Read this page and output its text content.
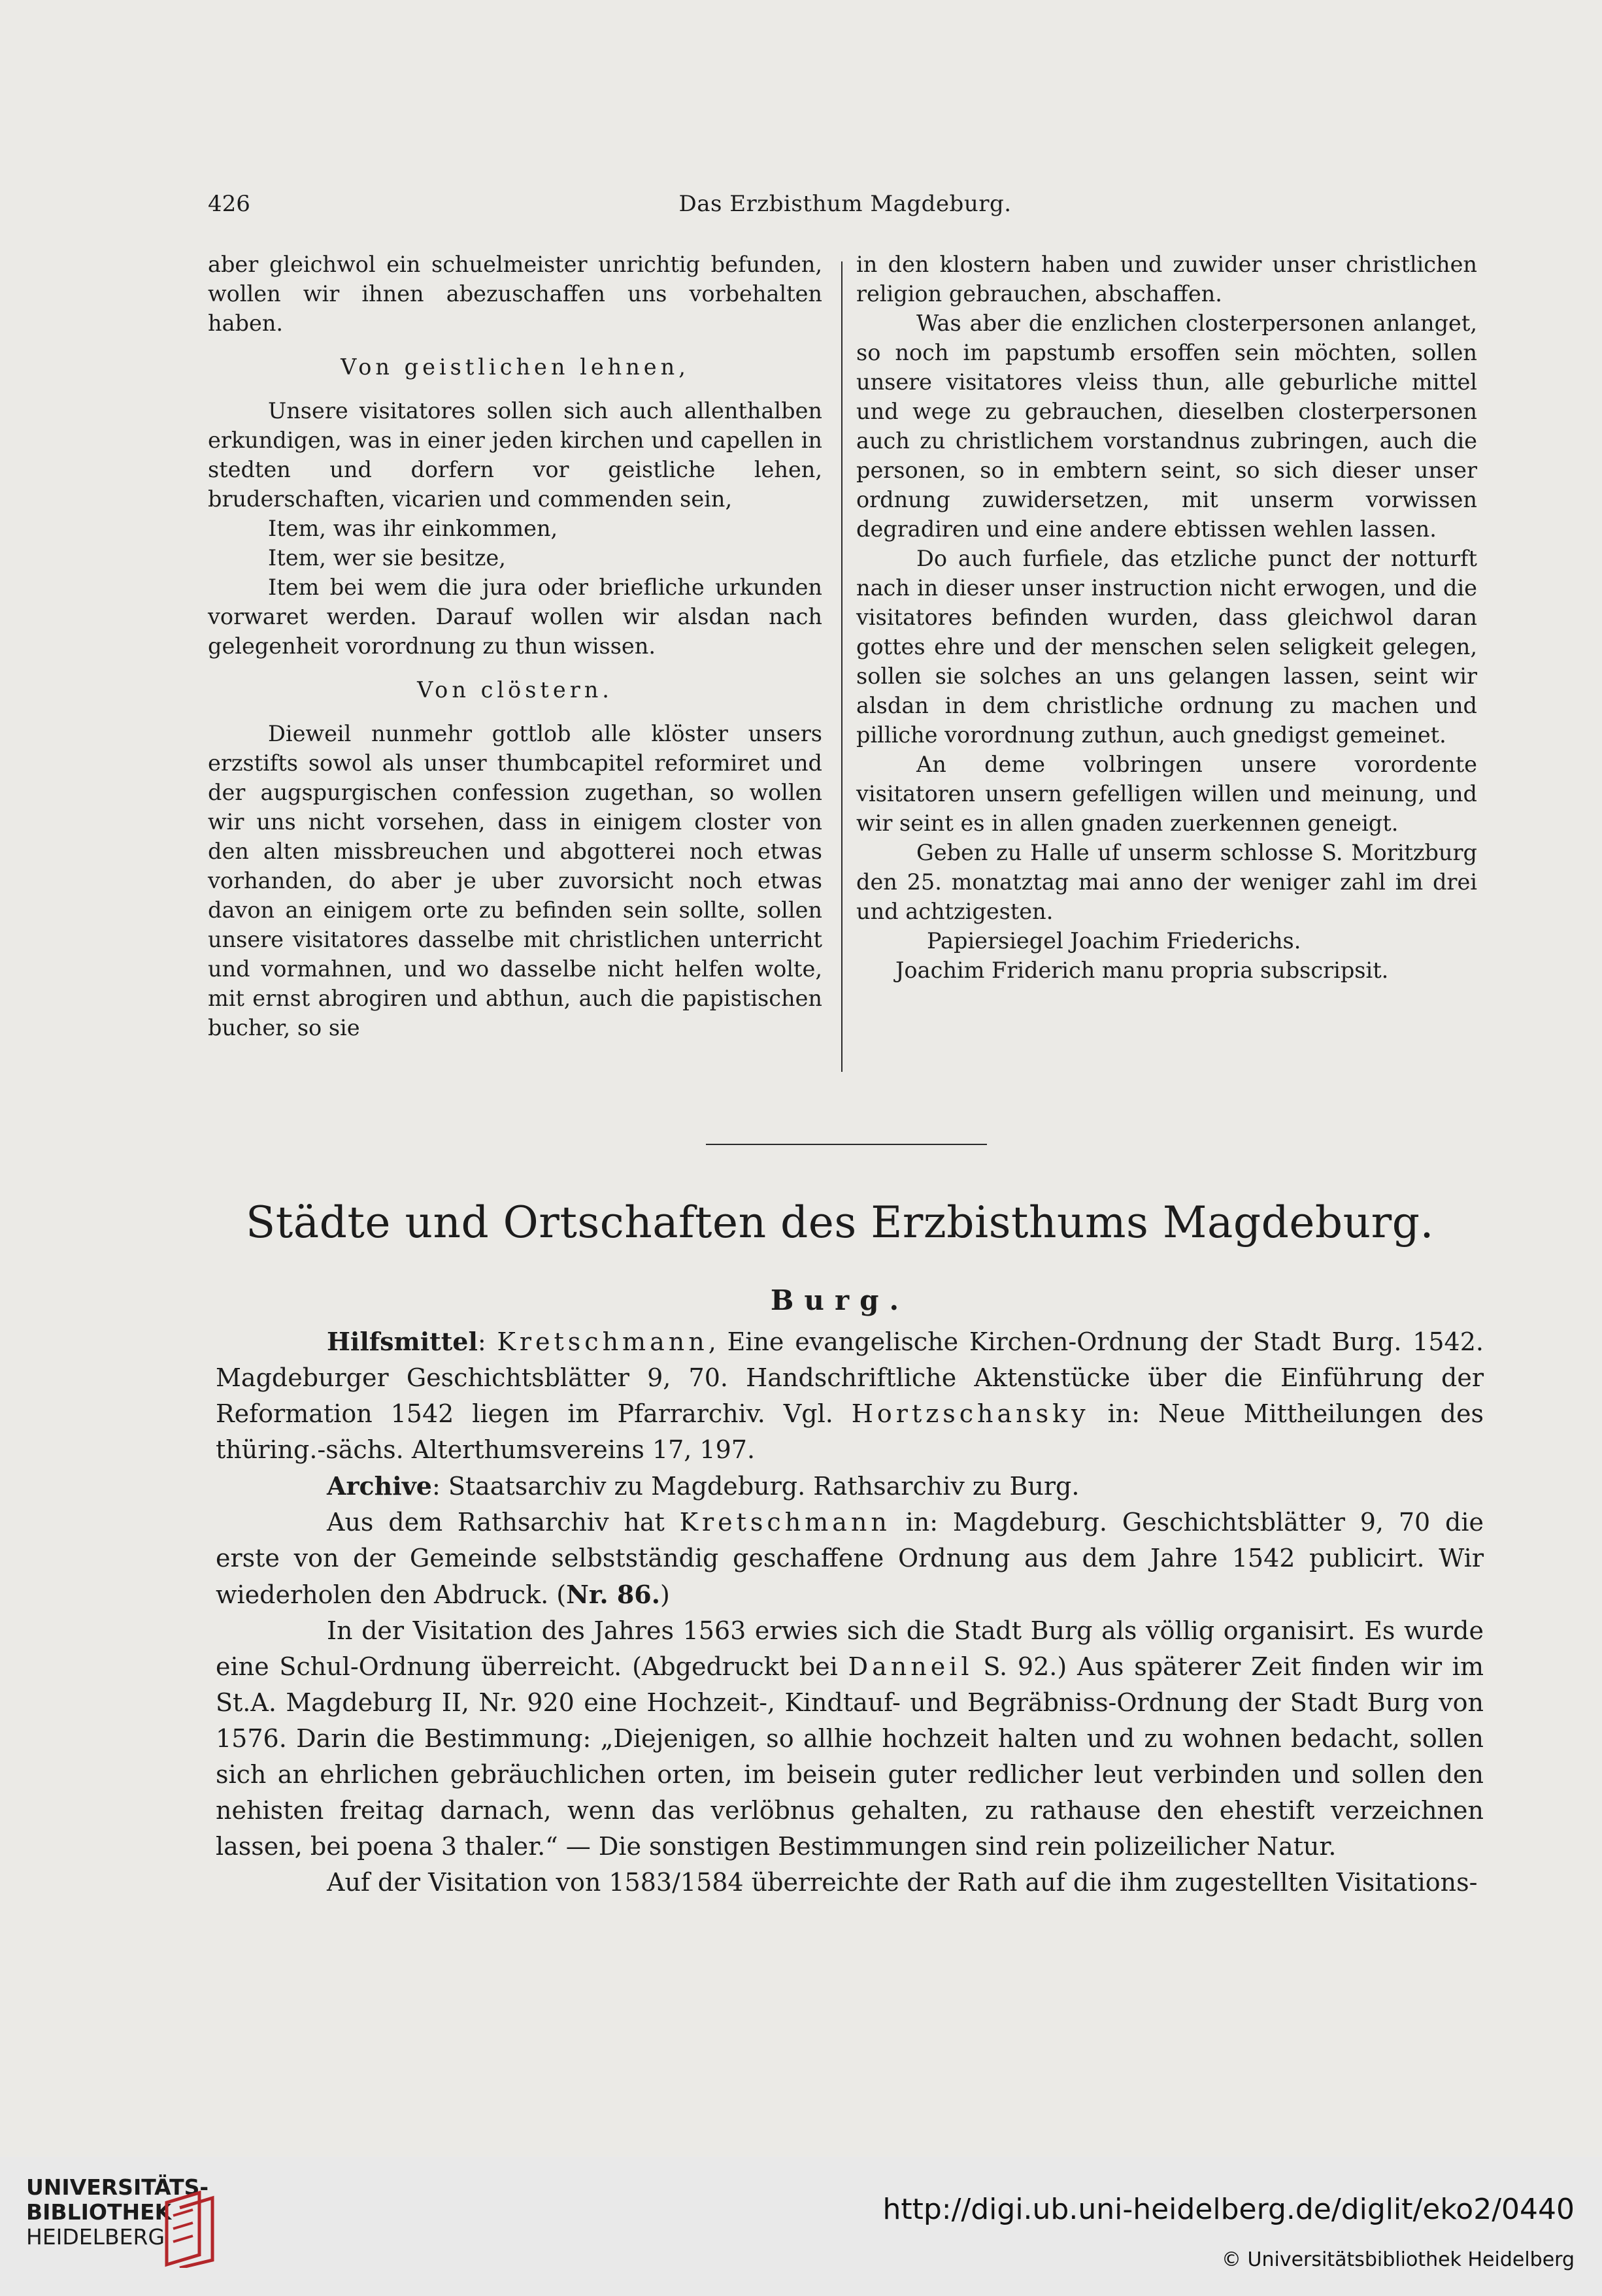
426	Das Erzbisthum Magdeburg.

aber gleichwol ein schuelmeister unrichtig befunden, wollen wir ihnen abezuschaffen uns vorbehalten haben.

Von geistlichen lehnen,

Unsere visitatores sollen sich auch allenthalben erkundigen, was in einer jeden kirchen und capellen in stedten und dorfern vor geistliche lehen, bruderschaften, vicarien und commenden sein,

Item, was ihr einkommen,

Item, wer sie besitze,

Item bei wem die jura oder briefliche urkunden vorwaret werden. Darauf wollen wir alsdan nach gelegenheit vorordnung zu thun wissen.

Von clöstern.

Dieweil nunmehr gottlob alle klöster unsers erzstifts sowol als unser thumbcapitel reformiret und der augspurgischen confession zugethan, so wollen wir uns nicht vorsehen, dass in einigem closter von den alten missbreuchen und abgotterei noch etwas vorhanden, do aber je uber zuvorsicht noch etwas davon an einigem orte zu befinden sein sollte, sollen unsere visitatores dasselbe mit christlichen unterricht und vormahnen, und wo dasselbe nicht helfen wolte, mit ernst abrogiren und abthun, auch die papistischen bucher, so sie

in den klostern haben und zuwider unser christlichen religion gebrauchen, abschaffen.

Was aber die enzlichen closterpersonen anlanget, so noch im papstumb ersoffen sein möchten, sollen unsere visitatores vleiss thun, alle geburliche mittel und wege zu gebrauchen, dieselben closterpersonen auch zu christlichem vorstandnus zubringen, auch die personen, so in embtern seint, so sich dieser unser ordnung zuwidersetzen, mit unserm vorwissen degradiren und eine andere ebtissen wehlen lassen.

Do auch furfiele, das etzliche punct der notturft nach in dieser unser instruction nicht erwogen, und die visitatores befinden wurden, dass gleichwol daran gottes ehre und der menschen selen seligkeit gelegen, sollen sie solches an uns gelangen lassen, seint wir alsdan in dem christliche ordnung zu machen und pilliche vorordnung zuthun, auch gnedigst gemeinet.

An deme volbringen unsere vorordente visitatoren unsern gefelligen willen und meinung, und wir seint es in allen gnaden zuerkennen geneigt.

Geben zu Halle uf unserm schlosse S. Moritzburg den 25. monatztag mai anno der weniger zahl im drei und achtzigesten.

Papiersiegel Joachim Friederichs.

Joachim Friderich manu propria subscripsit.

Städte und Ortschaften des Erzbisthums Magdeburg.
Burg.

Hilfsmittel: Kretschmann, Eine evangelische Kirchen-Ordnung der Stadt Burg. 1542. Magdeburger Geschichtsblätter 9, 70. Handschriftliche Aktenstücke über die Einführung der Reformation 1542 liegen im Pfarrarchiv. Vgl. Hortzschansky in: Neue Mittheilungen des thüring.-sächs. Alterthumsvereins 17, 197.

Archive: Staatsarchiv zu Magdeburg. Rathsarchiv zu Burg.

Aus dem Rathsarchiv hat Kretschmann in: Magdeburg. Geschichtsblätter 9, 70 die erste von der Gemeinde selbstständig geschaffene Ordnung aus dem Jahre 1542 publicirt. Wir wiederholen den Abdruck. (Nr. 86.)

In der Visitation des Jahres 1563 erwies sich die Stadt Burg als völlig organisirt. Es wurde eine Schul-Ordnung überreicht. (Abgedruckt bei Danneil S. 92.) Aus späterer Zeit finden wir im St.A. Magdeburg II, Nr. 920 eine Hochzeit-, Kindtauf- und Begräbniss-Ordnung der Stadt Burg von 1576. Darin die Bestimmung: „Diejenigen, so allhie hochzeit halten und zu wohnen bedacht, sollen sich an ehrlichen gebräuchlichen orten, im beisein guter redlicher leut verbinden und sollen den nehisten freitag darnach, wenn das verlöbnus gehalten, zu rathause den ehestift verzeichnen lassen, bei poena 3 thaler.“ — Die sonstigen Bestimmungen sind rein polizeilicher Natur.

Auf der Visitation von 1583/1584 überreichte der Rath auf die ihm zugestellten Visitations-

UNIVERSITÄTS-
BIBLIOTHEK
HEIDELBERG
http://digi.ub.uni-heidelberg.de/diglit/eko2/0440
© Universitätsbibliothek Heidelberg
